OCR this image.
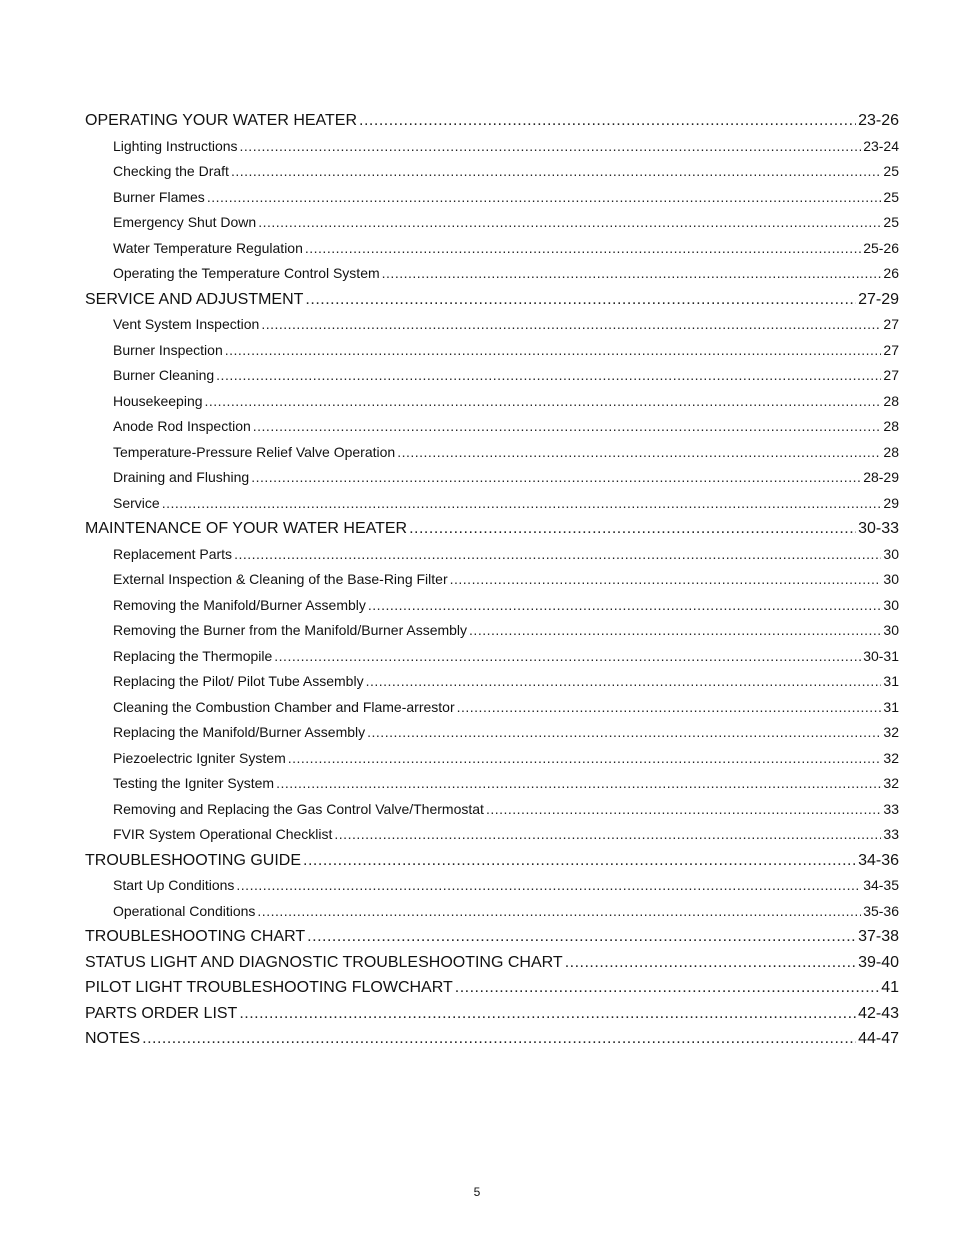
OPERATING YOUR WATER HEATER .....	23-26
Lighting Instructions .....	23-24
Checking the Draft .....	25
Burner Flames .....	25
Emergency Shut Down .....	25
Water Temperature Regulation .....	25-26
Operating the Temperature Control System .....	26
SERVICE AND ADJUSTMENT .....	27-29
Vent System Inspection .....	27
Burner Inspection .....	27
Burner Cleaning .....	27
Housekeeping .....	28
Anode Rod Inspection .....	28
Temperature-Pressure Relief Valve Operation .....	28
Draining and Flushing .....	28-29
Service .....	29
MAINTENANCE OF YOUR WATER HEATER .....	30-33
Replacement Parts .....	30
External Inspection & Cleaning of the Base-Ring Filter .....	30
Removing the Manifold/Burner Assembly .....	30
Removing the Burner from the Manifold/Burner Assembly .....	30
Replacing the Thermopile .....	30-31
Replacing the Pilot/ Pilot Tube Assembly .....	31
Cleaning the Combustion Chamber and Flame-arrestor .....	31
Replacing the Manifold/Burner Assembly .....	32
Piezoelectric Igniter System .....	32
Testing the Igniter System .....	32
Removing and Replacing the Gas Control Valve/Thermostat .....	33
FVIR System Operational Checklist .....	33
TROUBLESHOOTING GUIDE .....	34-36
Start Up Conditions .....	34-35
Operational Conditions .....	35-36
TROUBLESHOOTING CHART .....	37-38
STATUS LIGHT AND DIAGNOSTIC TROUBLESHOOTING CHART .....	39-40
PILOT LIGHT TROUBLESHOOTING FLOWCHART .....	41
PARTS ORDER LIST .....	42-43
NOTES .....	44-47
5
